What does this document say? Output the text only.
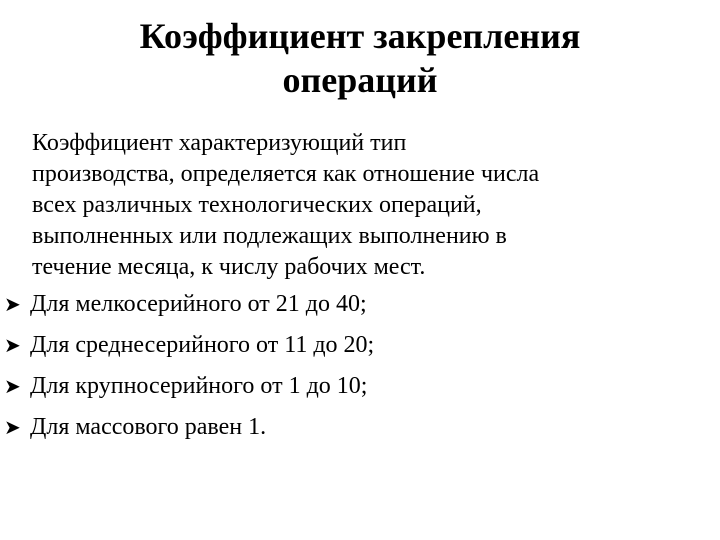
Коэффициент закрепления
операций

Коэффициент характеризующий тип
производства, определяется как отношение числа
всех различных технологических операций,
выполненных или подлежащих выполнению в
течение месяца, к числу рабочих мест.

➤ Для мелкосерийного от 21 до 40;
➤ Для среднесерийного от 11 до 20;
➤ Для крупносерийного от 1 до 10;
➤ Для массового равен 1.
